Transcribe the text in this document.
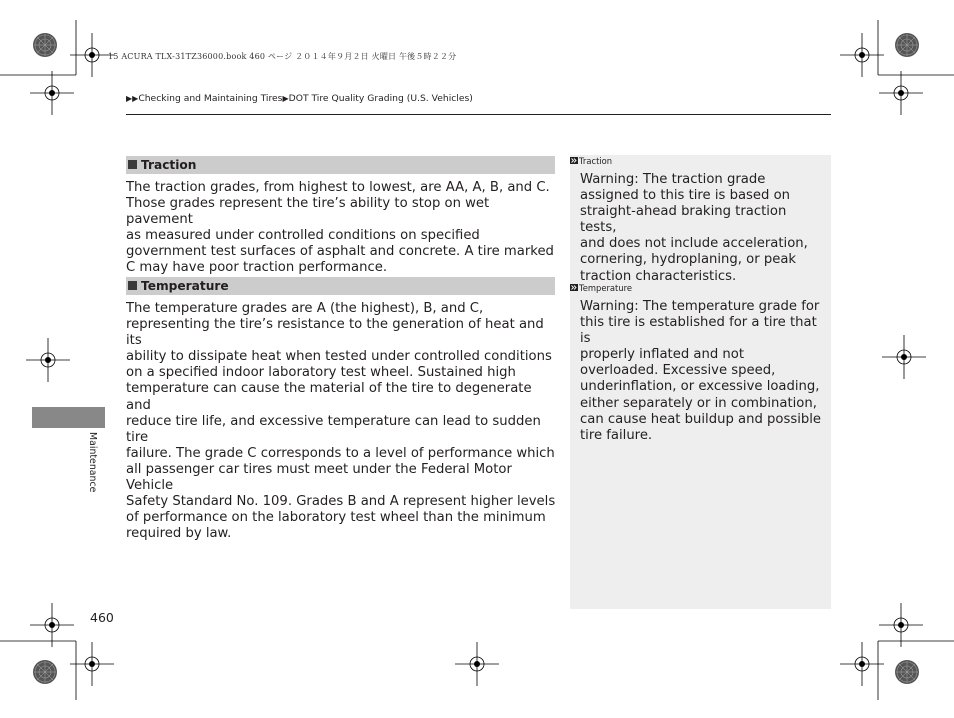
15 ACURA TLX-31TZ36000.book 460 ページ ２０１４年９月２日 火曜日 午後５時２２分
▶▶Checking and Maintaining Tires▶DOT Tire Quality Grading (U.S. Vehicles)
Traction
The traction grades, from highest to lowest, are AA, A, B, and C.
Those grades represent the tire’s ability to stop on wet pavement
as measured under controlled conditions on specified
government test surfaces of asphalt and concrete. A tire marked
C may have poor traction performance.
Temperature
The temperature grades are A (the highest), B, and C,
representing the tire’s resistance to the generation of heat and its
ability to dissipate heat when tested under controlled conditions
on a specified indoor laboratory test wheel. Sustained high
temperature can cause the material of the tire to degenerate and
reduce tire life, and excessive temperature can lead to sudden tire
failure. The grade C corresponds to a level of performance which
all passenger car tires must meet under the Federal Motor Vehicle
Safety Standard No. 109. Grades B and A represent higher levels
of performance on the laboratory test wheel than the minimum
required by law.
Traction
Warning: The traction grade
assigned to this tire is based on
straight-ahead braking traction tests,
and does not include acceleration,
cornering, hydroplaning, or peak
traction characteristics.
Temperature
Warning: The temperature grade for
this tire is established for a tire that is
properly inflated and not
overloaded. Excessive speed,
underinflation, or excessive loading,
either separately or in combination,
can cause heat buildup and possible
tire failure.
Maintenance
460
